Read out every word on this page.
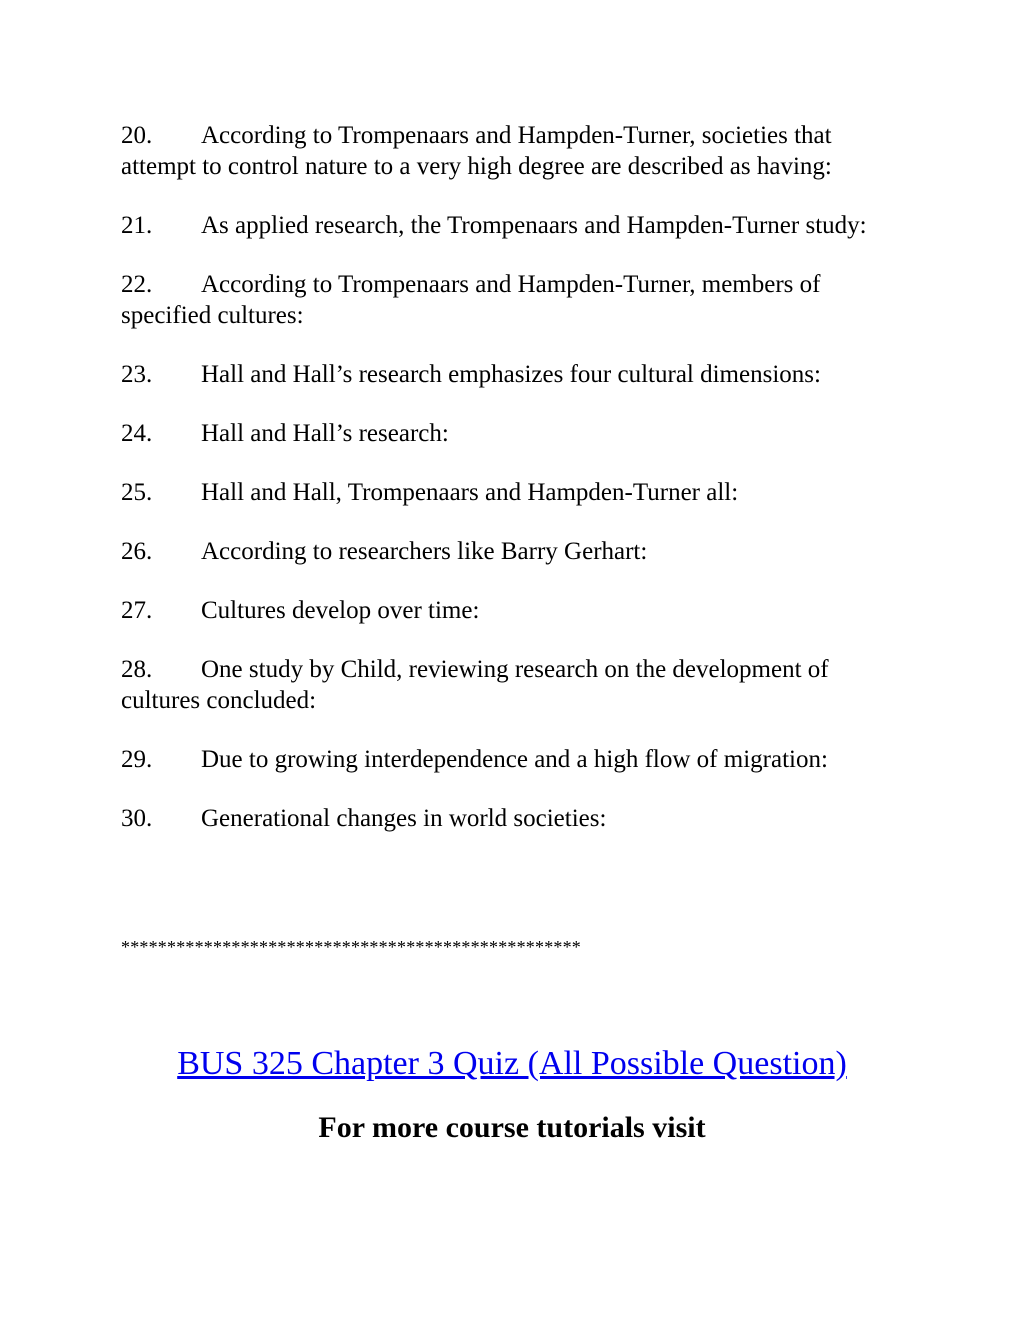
20. According to Trompenaars and Hampden-Turner, societies that attempt to control nature to a very high degree are described as having:
21. As applied research, the Trompenaars and Hampden-Turner study:
22. According to Trompenaars and Hampden-Turner, members of specified cultures:
23. Hall and Hall’s research emphasizes four cultural dimensions:
24. Hall and Hall’s research:
25. Hall and Hall, Trompenaars and Hampden-Turner all:
26. According to researchers like Barry Gerhart:
27. Cultures develop over time:
28. One study by Child, reviewing research on the development of cultures concluded:
29. Due to growing interdependence and a high flow of migration:
30. Generational changes in world societies:
**************************************************
BUS 325 Chapter 3 Quiz (All Possible Question)
For more course tutorials visit
